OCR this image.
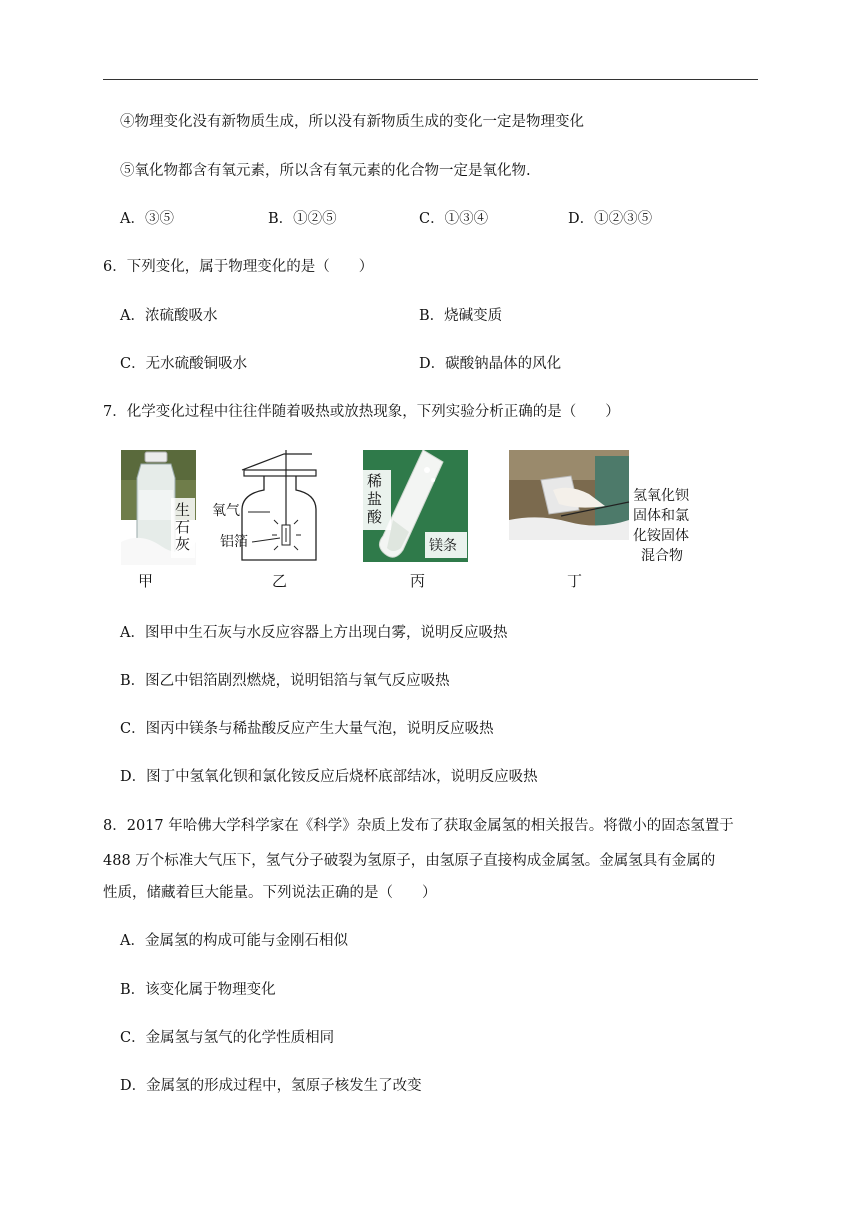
④物理变化没有新物质生成，所以没有新物质生成的变化一定是物理变化
⑤氧化物都含有氧元素，所以含有氧元素的化合物一定是氧化物.
A．③⑤	B．①②⑤	C．①③④	D．①②③⑤
6．下列变化，属于物理变化的是（　　）
A．浓硫酸吸水	B．烧碱变质
C．无水硫酸铜吸水	D．碳酸钠晶体的风化
7．化学变化过程中往往伴随着吸热或放热现象，下列实验分析正确的是（　　）
生石灰
甲
氧气
铝箔
乙
稀盐酸
镁条
丙
氢氧化钡
固体和氯
化铵固体
混合物
丁
A．图甲中生石灰与水反应容器上方出现白雾，说明反应吸热
B．图乙中铝箔剧烈燃烧，说明铝箔与氧气反应吸热
C．图丙中镁条与稀盐酸反应产生大量气泡，说明反应吸热
D．图丁中氢氧化钡和氯化铵反应后烧杯底部结冰，说明反应吸热
8．2017 年哈佛大学科学家在《科学》杂质上发布了获取金属氢的相关报告。将微小的固态氢置于
488 万个标准大气压下，氢气分子破裂为氢原子，由氢原子直接构成金属氢。金属氢具有金属的
性质，储藏着巨大能量。下列说法正确的是（　　）
A．金属氢的构成可能与金刚石相似
B．该变化属于物理变化
C．金属氢与氢气的化学性质相同
D．金属氢的形成过程中，氢原子核发生了改变
